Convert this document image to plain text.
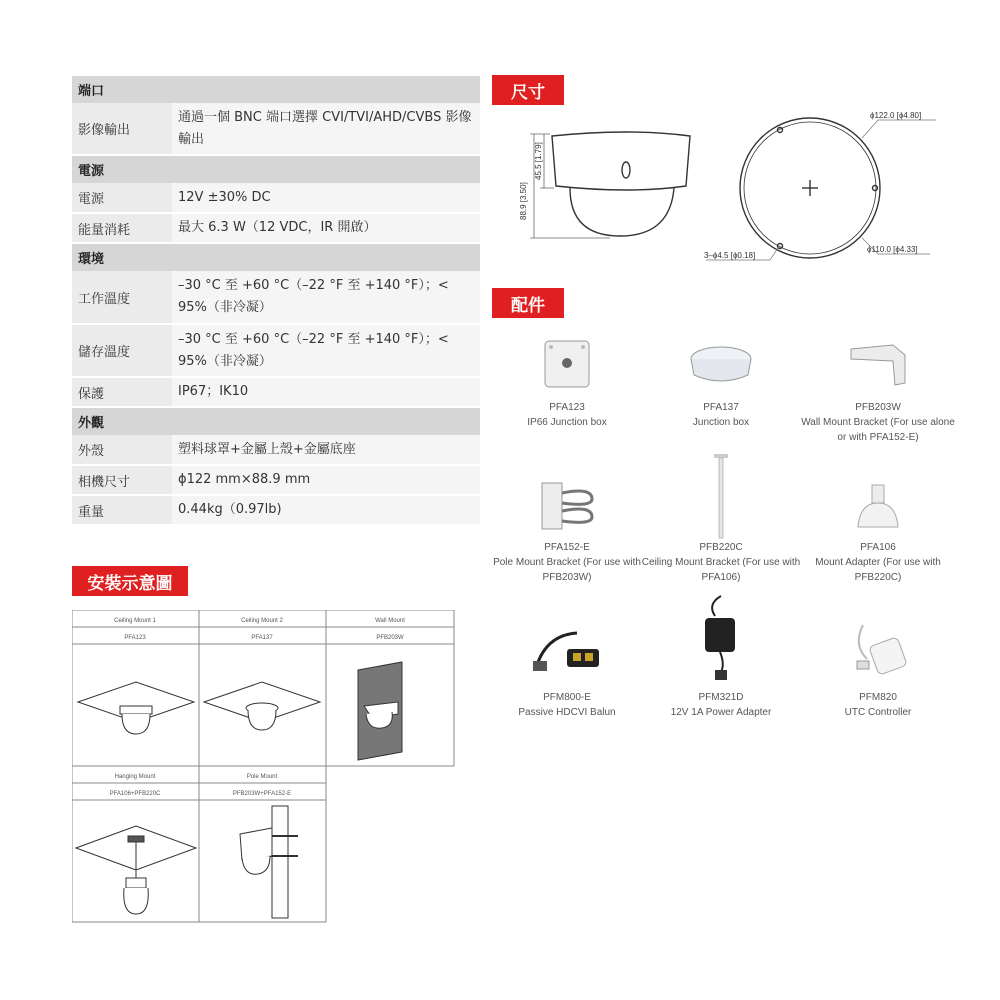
端口	
影像輸出	通過一個 BNC 端口選擇 CVI/TVI/AHD/CVBS 影像輸出
電源	
電源	12V ±30% DC
能量消耗	最大 6.3 W（12 VDC，IR 開啟）
環境	
工作溫度	–30 °C 至 +60 °C（–22 °F 至 +140 °F）；< 95%（非冷凝）
儲存溫度	–30 °C 至 +60 °C（–22 °F 至 +140 °F）；< 95%（非冷凝）
保護	IP67；IK10
外觀	
外殼	塑料球罩+金屬上殼+金屬底座
相機尺寸	ϕ122 mm×88.9 mm
重量	0.44kg（0.97lb)
尺寸
88.9 [3.50]
45.5 [1.79]
ϕ122.0 [ϕ4.80]
ϕ110.0 [ϕ4.33]
3–ϕ4.5 [ϕ0.18]
配件
PFA123
IP66 Junction box
PFA137
Junction box
PFB203W
Wall Mount Bracket (For use alone or with PFA152-E)
PFA152-E
Pole Mount Bracket (For use with PFB203W)
PFB220C
Ceiling Mount Bracket (For use with PFA106)
PFA106
Mount Adapter (For use with PFB220C)
PFM800-E
Passive HDCVI Balun
PFM321D
12V 1A Power Adapter
PFM820
UTC Controller
安裝示意圖
Ceiling Mount 1
PFA123
Ceiling Mount 2
PFA137
Wall Mount
PFB203W
Hanging Mount
PFA106+PFB220C
Pole Mount
PFB203W+PFA152-E
